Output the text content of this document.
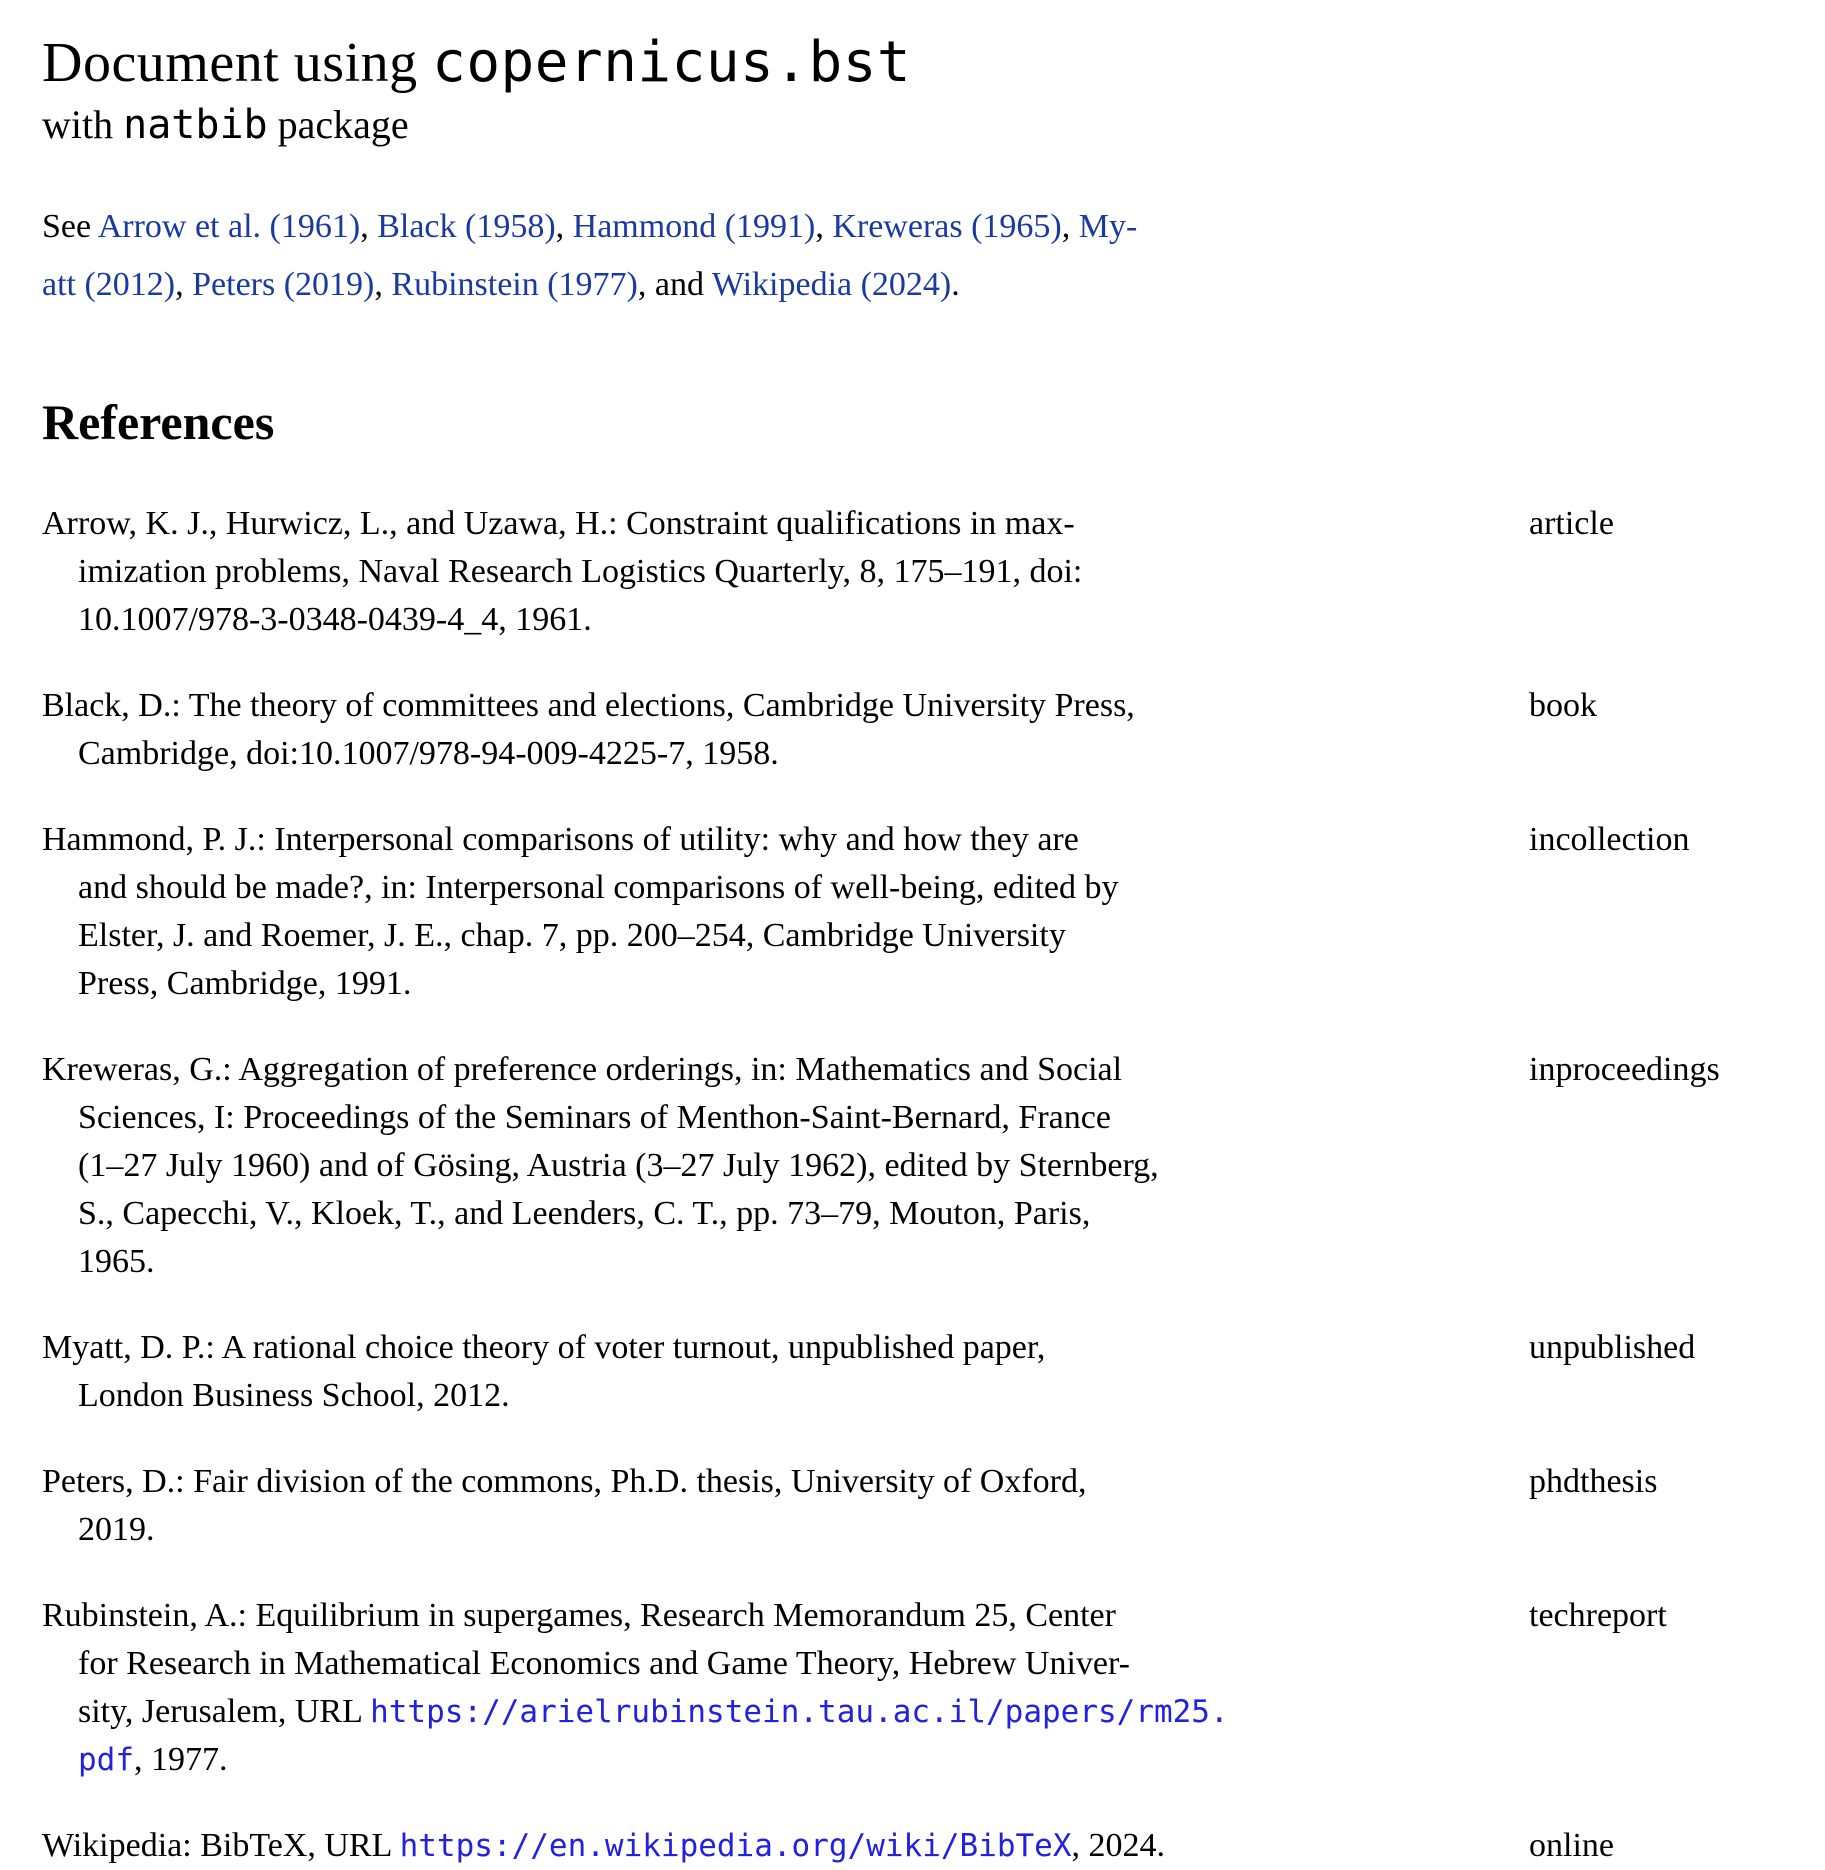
Document using copernicus.bst
with natbib package

See Arrow et al. (1961), Black (1958), Hammond (1991), Kreweras (1965), My-
att (2012), Peters (2019), Rubinstein (1977), and Wikipedia (2024).

References
Arrow, K. J., Hurwicz, L., and Uzawa, H.: Constraint qualifications in max-
imization problems, Naval Research Logistics Quarterly, 8, 175–191, doi:
10.1007/978-3-0348-0439-4_4, 1961.
article
Black, D.: The theory of committees and elections, Cambridge University Press,
Cambridge, doi:10.1007/978-94-009-4225-7, 1958.
book
Hammond, P. J.: Interpersonal comparisons of utility: why and how they are
and should be made?, in: Interpersonal comparisons of well-being, edited by
Elster, J. and Roemer, J. E., chap. 7, pp. 200–254, Cambridge University
Press, Cambridge, 1991.
incollection
Kreweras, G.: Aggregation of preference orderings, in: Mathematics and Social
Sciences, I: Proceedings of the Seminars of Menthon-Saint-Bernard, France
(1–27 July 1960) and of Gösing, Austria (3–27 July 1962), edited by Sternberg,
S., Capecchi, V., Kloek, T., and Leenders, C. T., pp. 73–79, Mouton, Paris,
1965.
inproceedings
Myatt, D. P.: A rational choice theory of voter turnout, unpublished paper,
London Business School, 2012.
unpublished
Peters, D.: Fair division of the commons, Ph.D. thesis, University of Oxford,
2019.
phdthesis
Rubinstein, A.: Equilibrium in supergames, Research Memorandum 25, Center
for Research in Mathematical Economics and Game Theory, Hebrew Univer-
sity, Jerusalem, URL https://arielrubinstein.tau.ac.il/papers/rm25.
pdf, 1977.
techreport
Wikipedia: BibTeX, URL https://en.wikipedia.org/wiki/BibTeX, 2024.	online
